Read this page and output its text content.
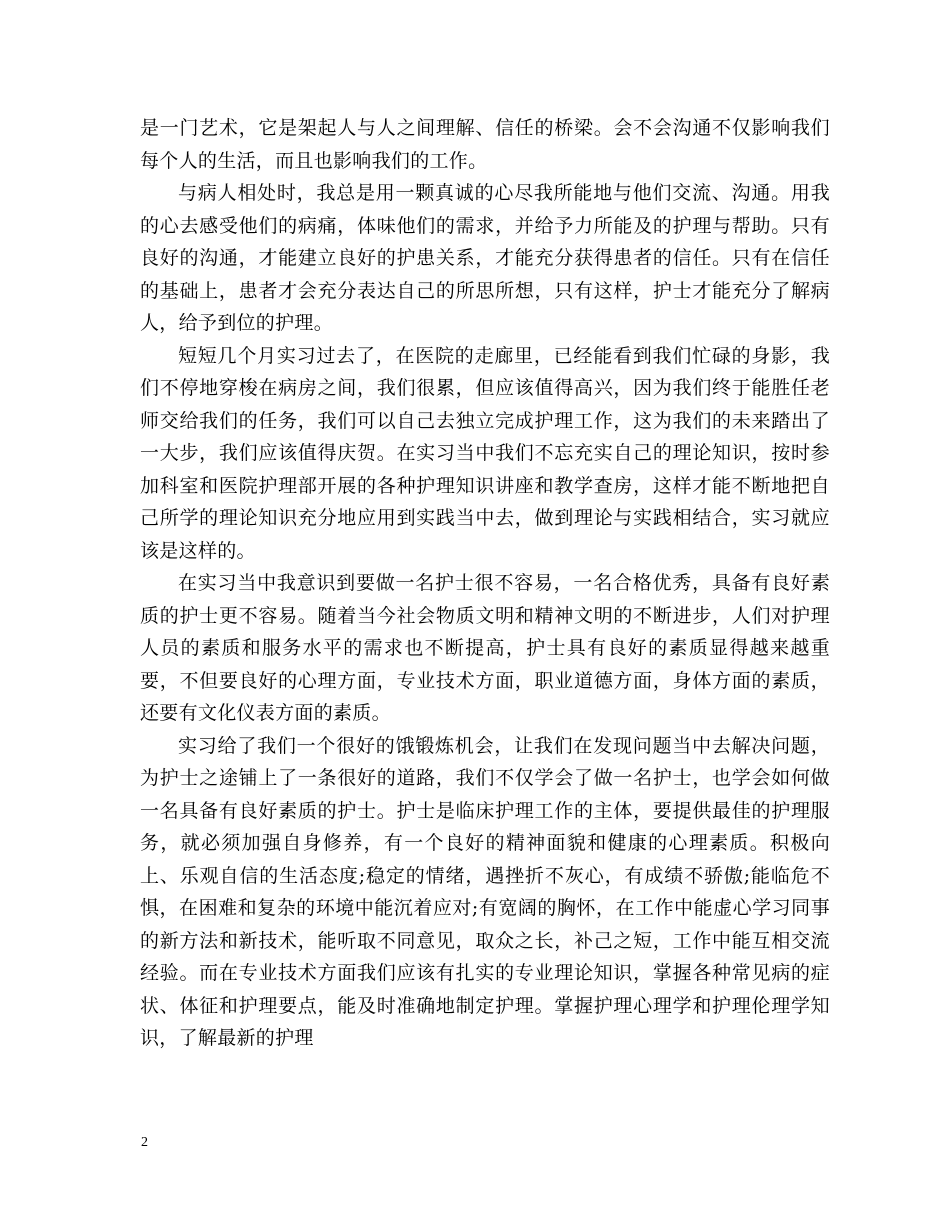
是一门艺术，它是架起人与人之间理解、信任的桥梁。会不会沟通不仅影响我们每个人的生活，而且也影响我们的工作。

与病人相处时，我总是用一颗真诚的心尽我所能地与他们交流、沟通。用我的心去感受他们的病痛，体味他们的需求，并给予力所能及的护理与帮助。只有良好的沟通，才能建立良好的护患关系，才能充分获得患者的信任。只有在信任的基础上，患者才会充分表达自己的所思所想，只有这样，护士才能充分了解病人，给予到位的护理。

短短几个月实习过去了，在医院的走廊里，已经能看到我们忙碌的身影，我们不停地穿梭在病房之间，我们很累，但应该值得高兴，因为我们终于能胜任老师交给我们的任务，我们可以自己去独立完成护理工作，这为我们的未来踏出了一大步，我们应该值得庆贺。在实习当中我们不忘充实自己的理论知识，按时参加科室和医院护理部开展的各种护理知识讲座和教学查房，这样才能不断地把自己所学的理论知识充分地应用到实践当中去，做到理论与实践相结合，实习就应该是这样的。

在实习当中我意识到要做一名护士很不容易，一名合格优秀，具备有良好素质的护士更不容易。随着当今社会物质文明和精神文明的不断进步，人们对护理人员的素质和服务水平的需求也不断提高，护士具有良好的素质显得越来越重要，不但要良好的心理方面，专业技术方面，职业道德方面，身体方面的素质，还要有文化仪表方面的素质。

实习给了我们一个很好的饿锻炼机会，让我们在发现问题当中去解决问题，为护士之途铺上了一条很好的道路，我们不仅学会了做一名护士，也学会如何做一名具备有良好素质的护士。护士是临床护理工作的主体，要提供最佳的护理服务，就必须加强自身修养，有一个良好的精神面貌和健康的心理素质。积极向上、乐观自信的生活态度;稳定的情绪，遇挫折不灰心，有成绩不骄傲;能临危不惧，在困难和复杂的环境中能沉着应对;有宽阔的胸怀，在工作中能虚心学习同事的新方法和新技术，能听取不同意见，取众之长，补己之短，工作中能互相交流经验。而在专业技术方面我们应该有扎实的专业理论知识，掌握各种常见病的症状、体征和护理要点，能及时准确地制定护理。掌握护理心理学和护理伦理学知识，了解最新的护理

2
